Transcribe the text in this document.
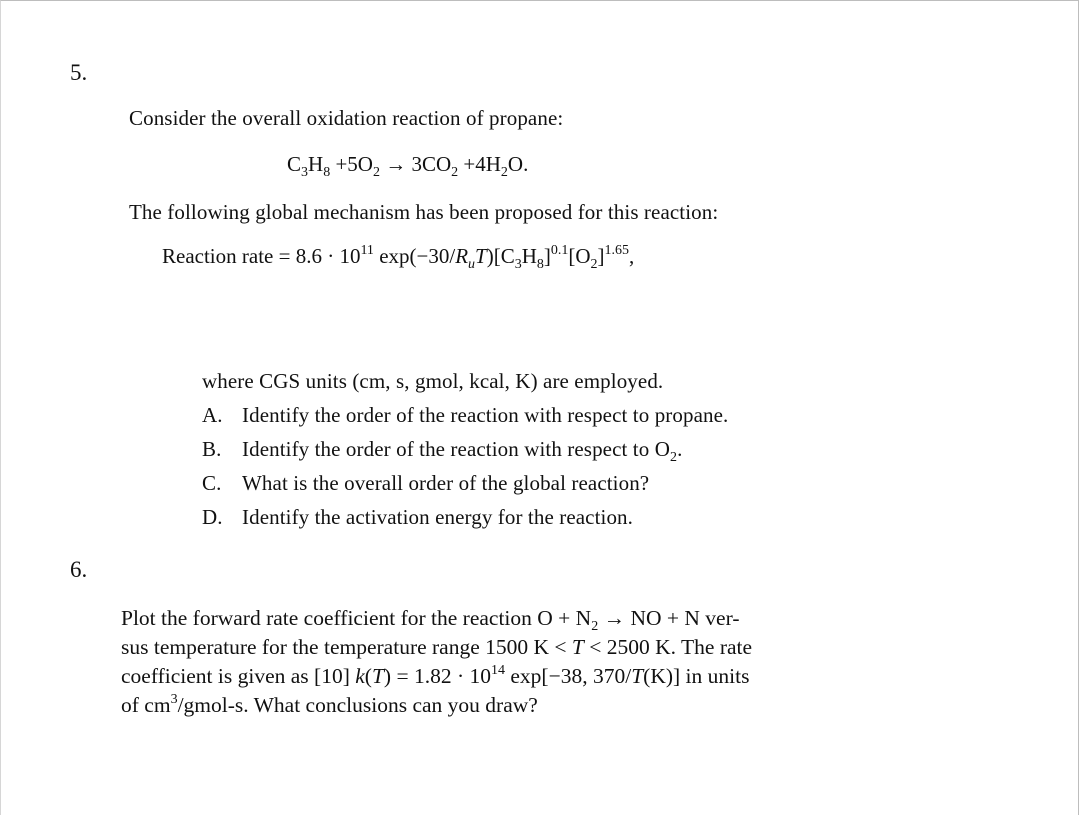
5.
Consider the overall oxidation reaction of propane:
$C_3H_8 +5O_2 \to 3CO_2 +4H_2O$.
The following global mechanism has been proposed for this reaction:
Reaction rate = $8.6 \cdot 10^{11}$ $\exp(-30/R_uT)[C_3H_8]^{0.1}[O_2]^{1.65}$,
where CGS units (cm, s, gmol, kcal, K) are employed.
A. Identify the order of the reaction with respect to propane.
B. Identify the order of the reaction with respect to $O_2$.
C. What is the overall order of the global reaction?
D. Identify the activation energy for the reaction.
6.
Plot the forward rate coefficient for the reaction $O + N_2$ → NO + N ver-
sus temperature for the temperature range 1500 K < T < 2500 K. The rate
coefficient is given as [10] $k(T) = 1.82 \cdot 10^{14}$ exp[−38, 370/T(K)] in units
of $cm^3/gmol-s$. What conclusions can you draw?
